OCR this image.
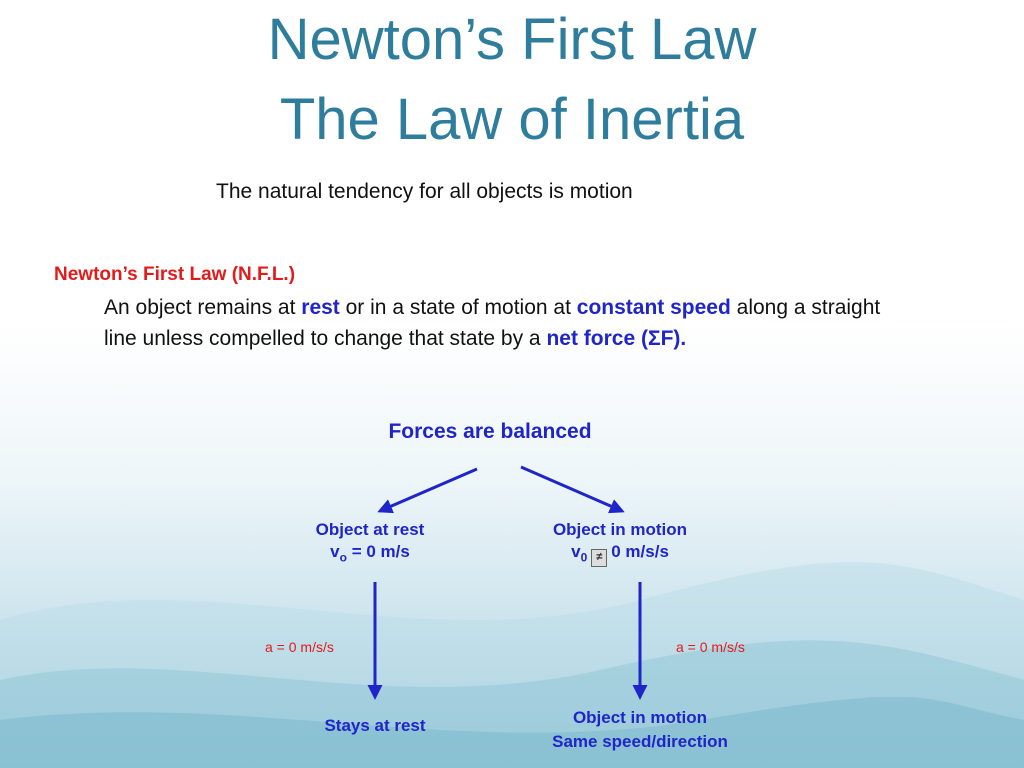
Newton’s First Law
The Law of Inertia
The natural tendency for all objects is motion
Newton’s First Law (N.F.L.)
An object remains at rest or in a state of motion at constant speed along a straight line unless compelled to change that state by a net force (ΣF).
Forces are balanced
Object at rest
$v_o = 0$ m/s
Object in motion
$v_0 \ne 0$ m/s/s
a = 0 m/s/s	a = 0 m/s/s
Stays at rest	Object in motion
Same speed/direction
